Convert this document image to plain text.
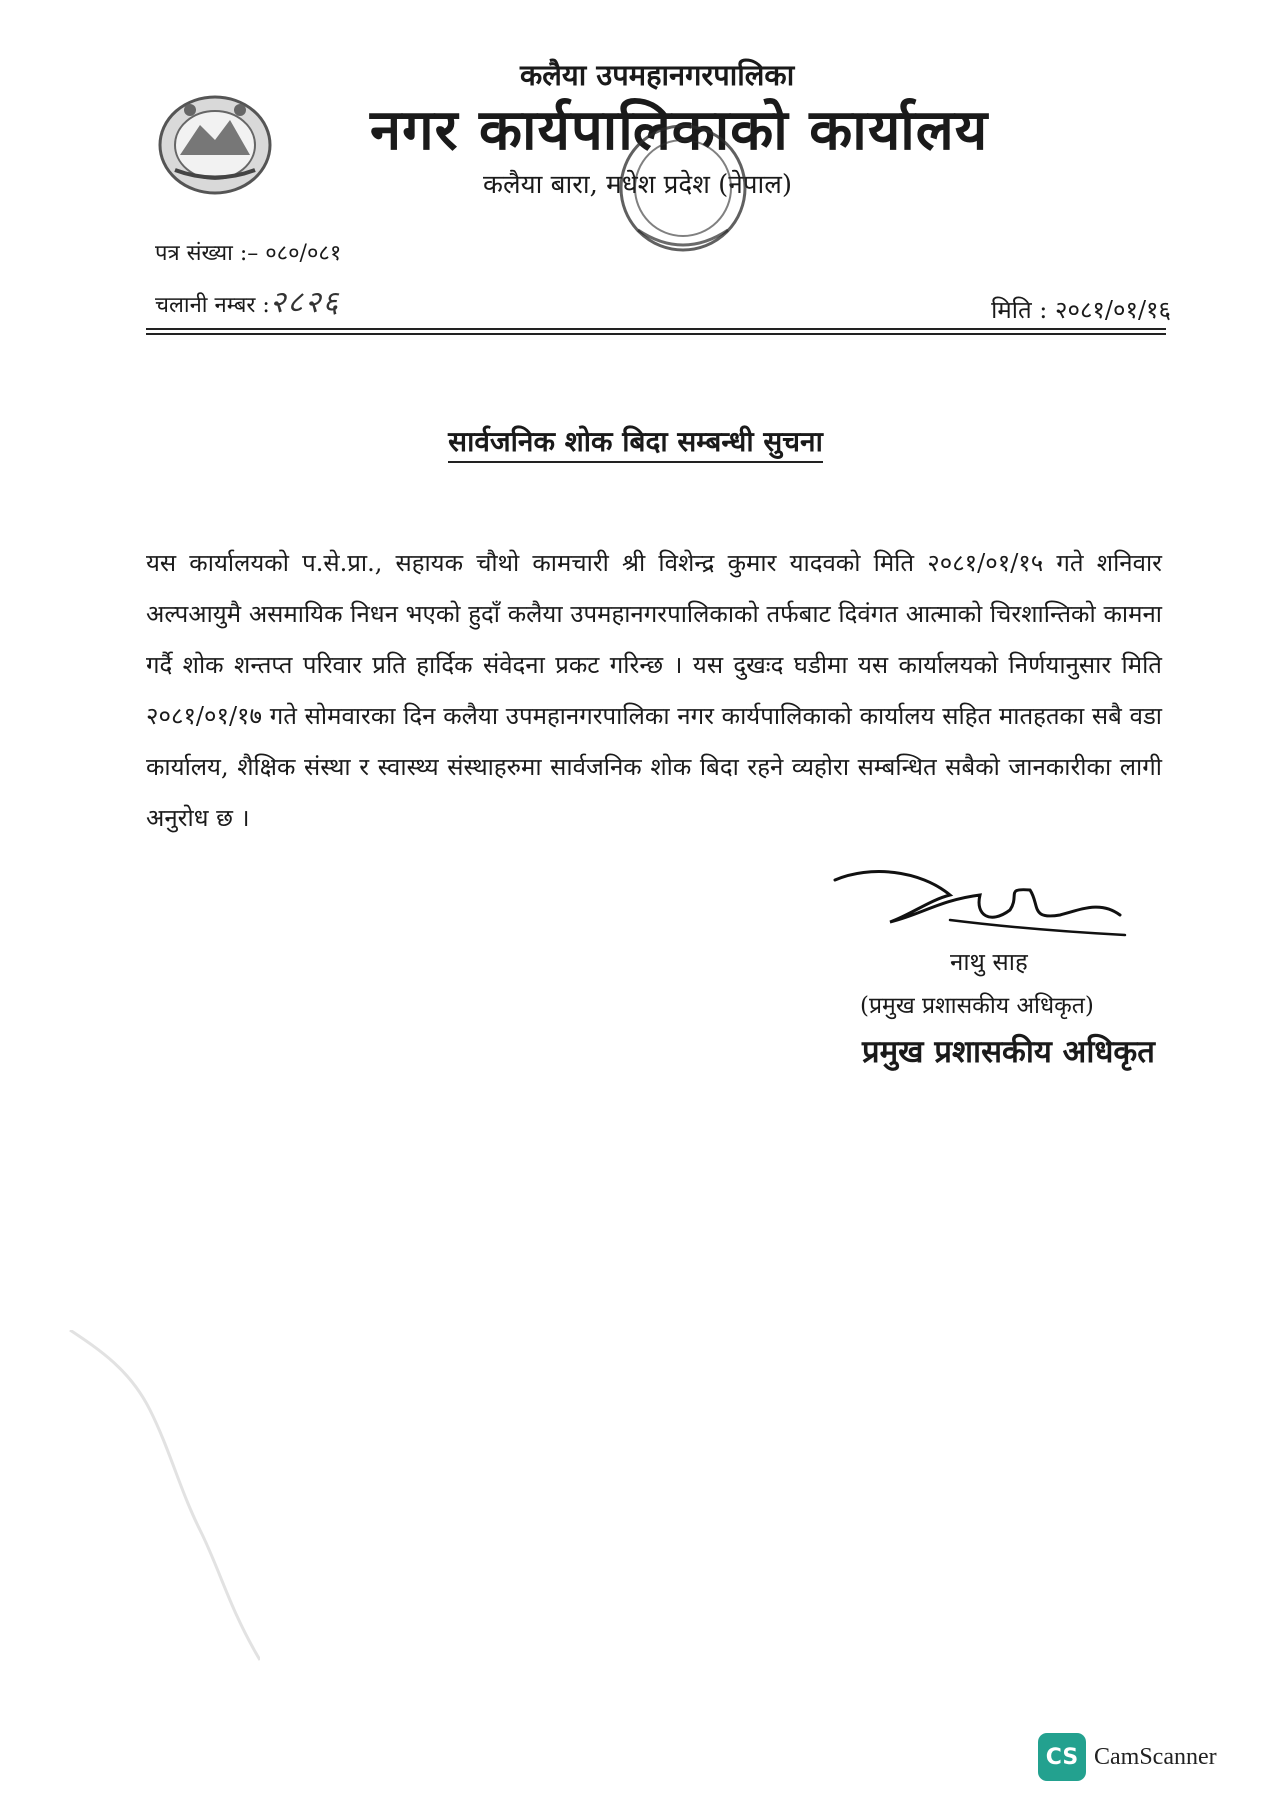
कलैया उपमहानगरपालिका
नगर कार्यपालिकाको कार्यालय
कलैया बारा, मधेश प्रदेश (नेपाल)
पत्र संख्या :– ०८०/०८१
चलानी नम्बर :२८२६	मिति : २०८१/०१/१६
सार्वजनिक शोक बिदा सम्बन्धी सुचना
यस कार्यालयको प.से.प्रा., सहायक चौथो कामचारी श्री विशेन्द्र कुमार यादवको मिति २०८१/०१/१५ गते शनिवार अल्पआयुमै असमायिक निधन भएको हुदाँ कलैया उपमहानगरपालिकाको तर्फबाट दिवंगत आत्माको चिरशान्तिको कामना गर्दै शोक शन्तप्त परिवार प्रति हार्दिक संवेदना प्रकट गरिन्छ । यस दुखःद घडीमा यस कार्यालयको निर्णयानुसार मिति २०८१/०१/१७ गते सोमवारका दिन कलैया उपमहानगरपालिका नगर कार्यपालिकाको कार्यालय सहित मातहतका सबै वडा कार्यालय, शैक्षिक संस्था र स्वास्थ्य संस्थाहरुमा सार्वजनिक शोक बिदा रहने व्यहोरा सम्बन्धित सबैको जानकारीका लागी अनुरोध छ ।
नाथु साह
(प्रमुख प्रशासकीय अधिकृत)
प्रमुख प्रशासकीय अधिकृत
CS CamScanner
